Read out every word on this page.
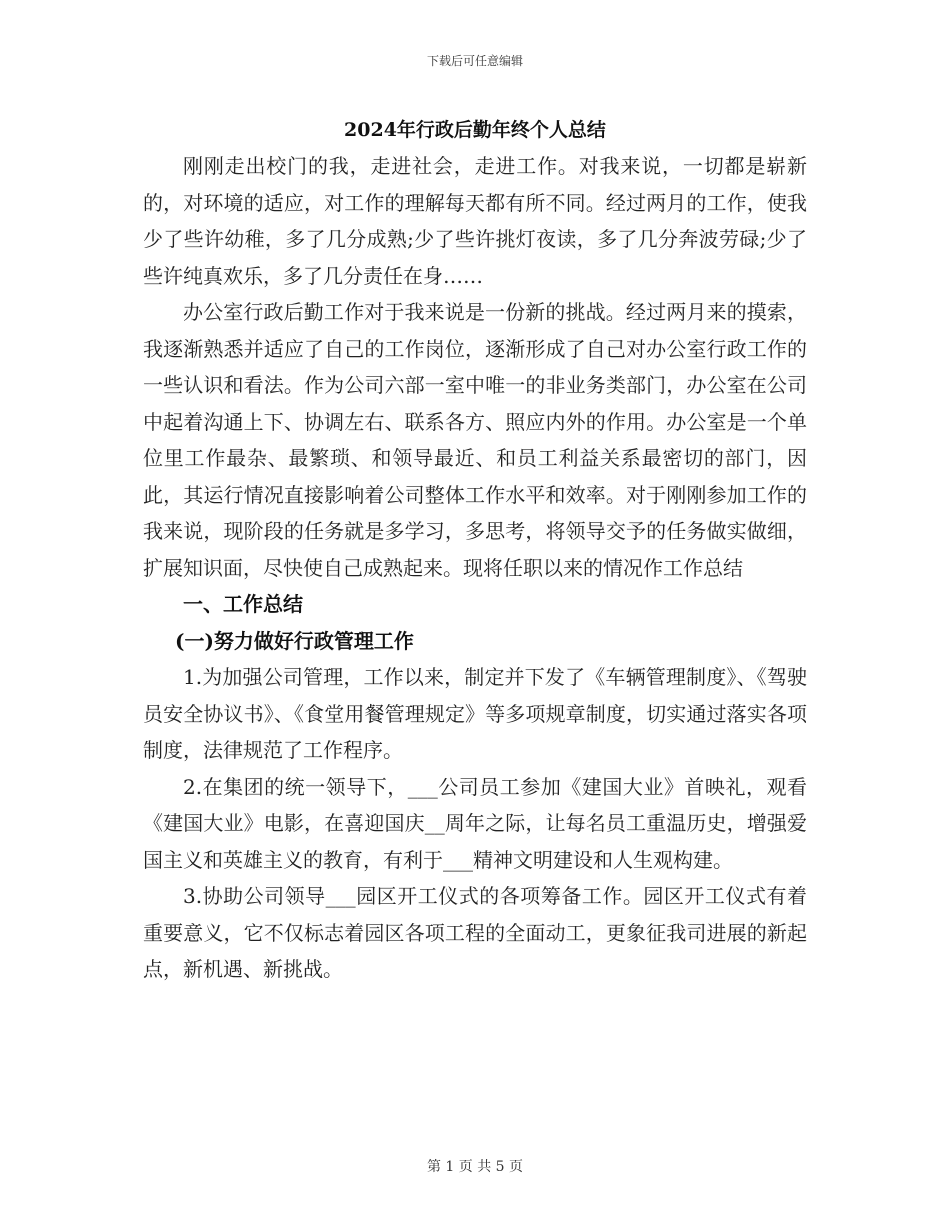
下载后可任意编辑
2024年行政后勤年终个人总结

刚刚走出校门的我，走进社会，走进工作。对我来说，一切都是崭新的，对环境的适应，对工作的理解每天都有所不同。经过两月的工作，使我少了些许幼稚，多了几分成熟;少了些许挑灯夜读，多了几分奔波劳碌;少了些许纯真欢乐，多了几分责任在身……

办公室行政后勤工作对于我来说是一份新的挑战。经过两月来的摸索，我逐渐熟悉并适应了自己的工作岗位，逐渐形成了自己对办公室行政工作的一些认识和看法。作为公司六部一室中唯一的非业务类部门，办公室在公司中起着沟通上下、协调左右、联系各方、照应内外的作用。办公室是一个单位里工作最杂、最繁琐、和领导最近、和员工利益关系最密切的部门，因此，其运行情况直接影响着公司整体工作水平和效率。对于刚刚参加工作的我来说，现阶段的任务就是多学习，多思考，将领导交予的任务做实做细，扩展知识面，尽快使自己成熟起来。现将任职以来的情况作工作总结

一、工作总结

(一)努力做好行政管理工作

1.为加强公司管理，工作以来，制定并下发了《车辆管理制度》、《驾驶员安全协议书》、《食堂用餐管理规定》等多项规章制度，切实通过落实各项制度，法律规范了工作程序。

2.在集团的统一领导下，___公司员工参加《建国大业》首映礼，观看《建国大业》电影，在喜迎国庆__周年之际，让每名员工重温历史，增强爱国主义和英雄主义的教育，有利于___精神文明建设和人生观构建。

3.协助公司领导___园区开工仪式的各项筹备工作。园区开工仪式有着重要意义，它不仅标志着园区各项工程的全面动工，更象征我司进展的新起点，新机遇、新挑战。

第 1 页 共 5 页
